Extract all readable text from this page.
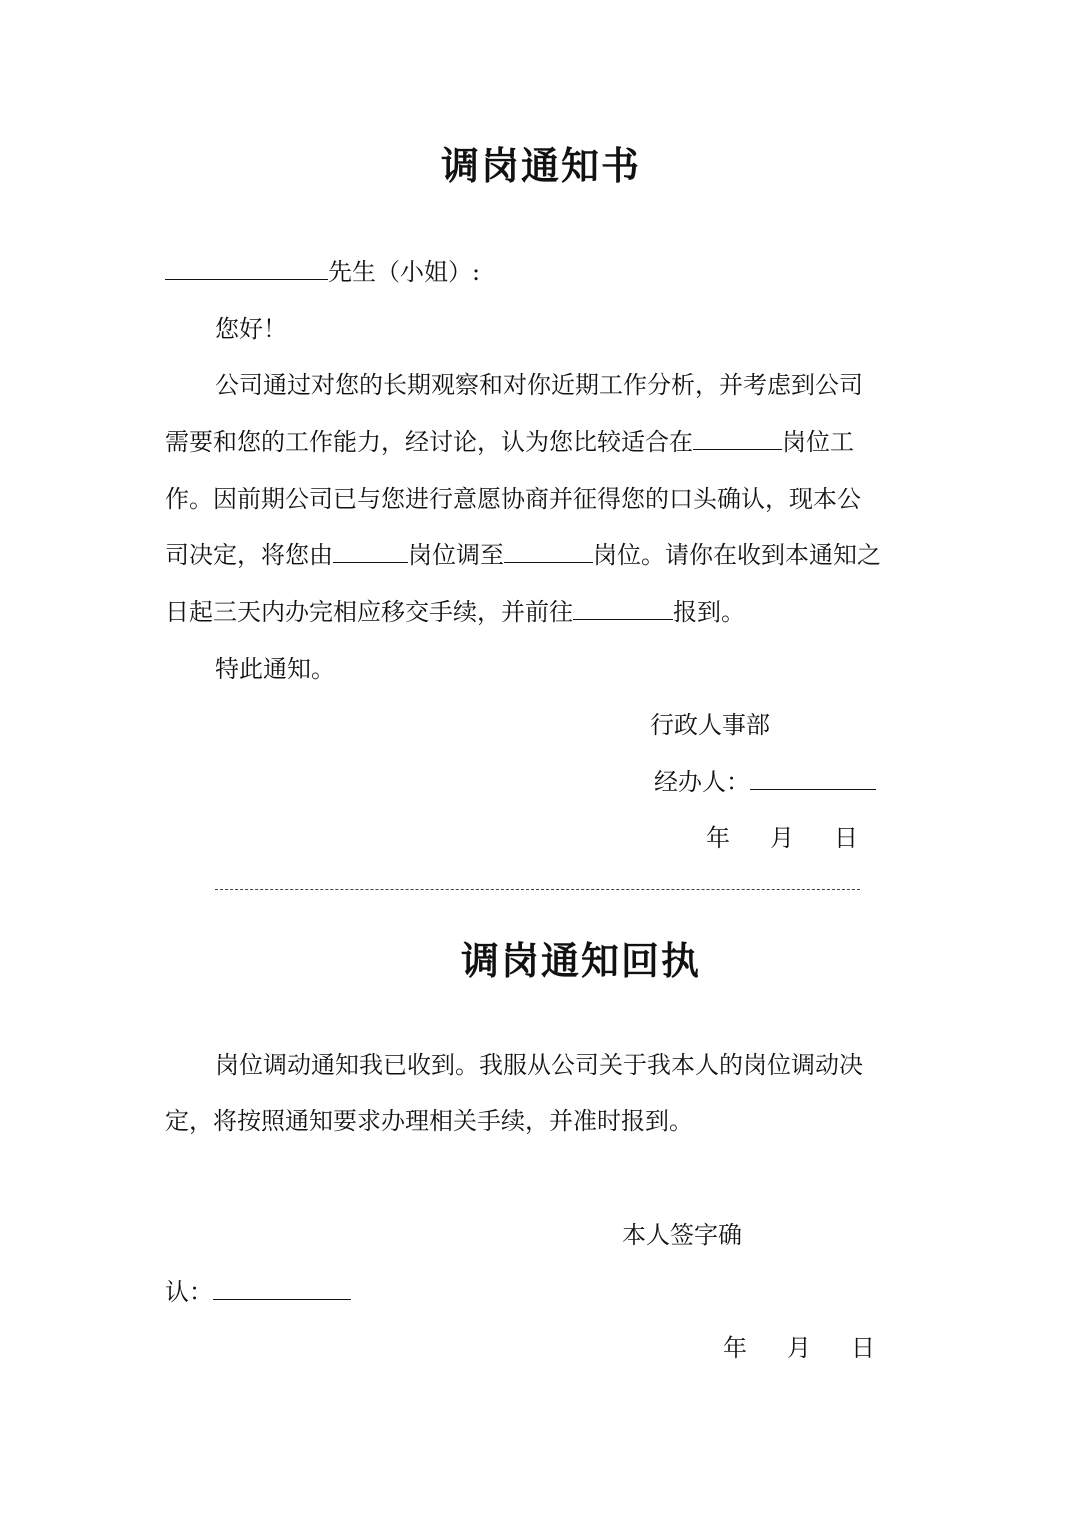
调岗通知书
先生（小姐）:
您好！
公司通过对您的长期观察和对你近期工作分析，并考虑到公司
需要和您的工作能力，经讨论，认为您比较适合在	岗位工
作。因前期公司已与您进行意愿协商并征得您的口头确认，现本公
司决定，将您由	岗位调至	岗位。请你在收到本通知之
日起三天内办完相应移交手续，并前往	报到。
特此通知。
行政人事部
经办人：
年 月 日
调岗通知回执
岗位调动通知我已收到。我服从公司关于我本人的岗位调动决
定，将按照通知要求办理相关手续，并准时报到。
本人签字确
认：
年 月 日
